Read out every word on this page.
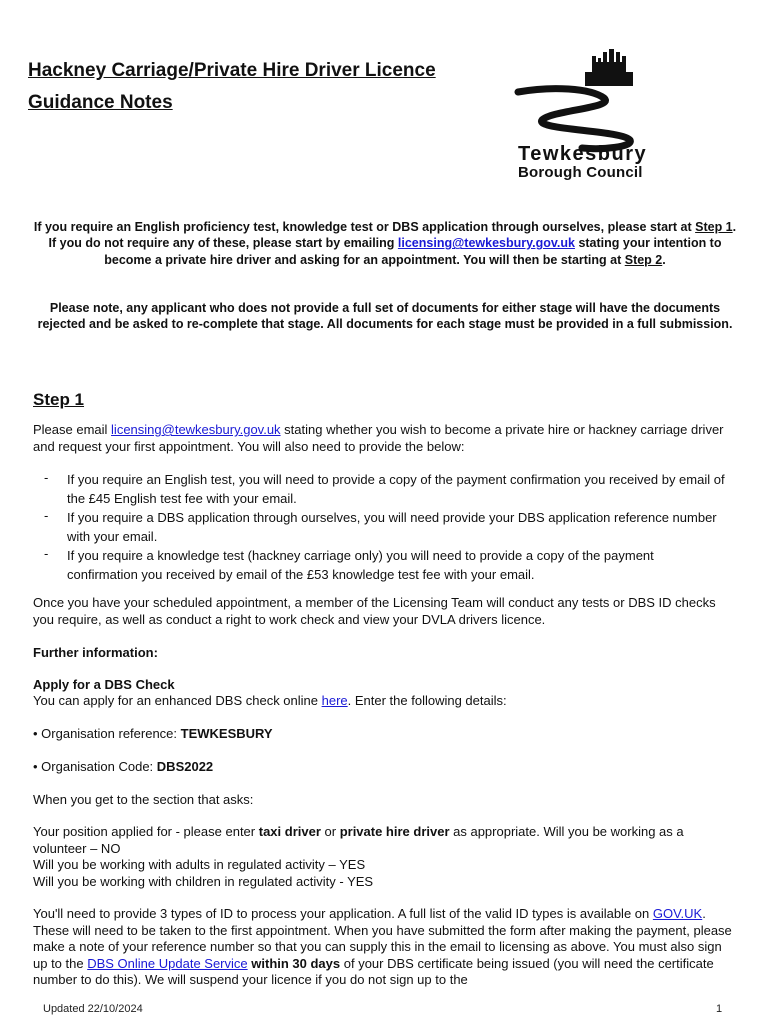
Hackney Carriage/Private Hire Driver Licence
Guidance Notes
Tewkesbury
Borough Council
If you require an English proficiency test, knowledge test or DBS application through ourselves, please start at Step 1. If you do not require any of these, please start by emailing licensing@tewkesbury.gov.uk stating your intention to become a private hire driver and asking for an appointment. You will then be starting at Step 2.
Please note, any applicant who does not provide a full set of documents for either stage will have the documents rejected and be asked to re-complete that stage. All documents for each stage must be provided in a full submission.
Step 1
Please email licensing@tewkesbury.gov.uk stating whether you wish to become a private hire or hackney carriage driver and request your first appointment. You will also need to provide the below:
- If you require an English test, you will need to provide a copy of the payment confirmation you received by email of the £45 English test fee with your email.
- If you require a DBS application through ourselves, you will need provide your DBS application reference number with your email.
- If you require a knowledge test (hackney carriage only) you will need to provide a copy of the payment confirmation you received by email of the £53 knowledge test fee with your email.
Once you have your scheduled appointment, a member of the Licensing Team will conduct any tests or DBS ID checks you require, as well as conduct a right to work check and view your DVLA drivers licence.
Further information:
Apply for a DBS Check
You can apply for an enhanced DBS check online here. Enter the following details:
• Organisation reference: TEWKESBURY
• Organisation Code: DBS2022
When you get to the section that asks:
Your position applied for - please enter taxi driver or private hire driver as appropriate. Will you be working as a volunteer – NO
Will you be working with adults in regulated activity – YES
Will you be working with children in regulated activity - YES
You'll need to provide 3 types of ID to process your application. A full list of the valid ID types is available on GOV.UK. These will need to be taken to the first appointment. When you have submitted the form after making the payment, please make a note of your reference number so that you can supply this in the email to licensing as above. You must also sign up to the DBS Online Update Service within 30 days of your DBS certificate being issued (you will need the certificate number to do this). We will suspend your licence if you do not sign up to the
Updated 22/10/2024	1
